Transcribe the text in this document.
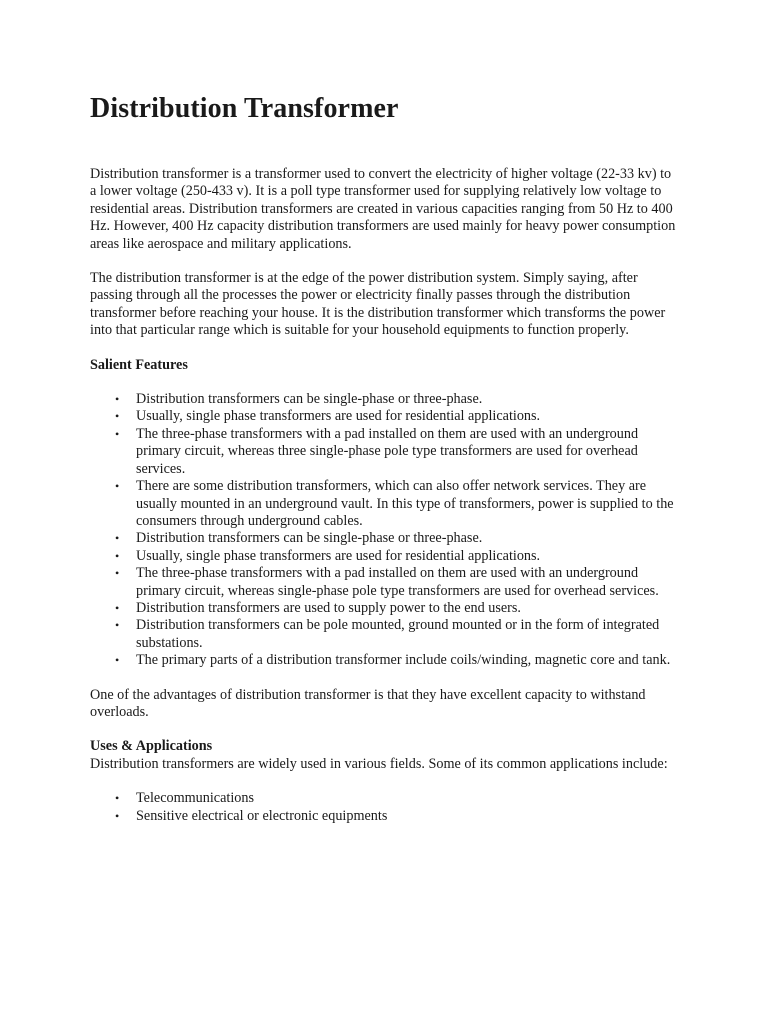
Distribution Transformer

Distribution transformer is a transformer used to convert the electricity of higher voltage (22-33 kv) to a lower voltage (250-433 v). It is a poll type transformer used for supplying relatively low voltage to residential areas. Distribution transformers are created in various capacities ranging from 50 Hz to 400 Hz. However, 400 Hz capacity distribution transformers are used mainly for heavy power consumption areas like aerospace and military applications.

The distribution transformer is at the edge of the power distribution system. Simply saying, after passing through all the processes the power or electricity finally passes through the distribution transformer before reaching your house. It is the distribution transformer which transforms the power into that particular range which is suitable for your household equipments to function properly.

Salient Features
• Distribution transformers can be single-phase or three-phase.
• Usually, single phase transformers are used for residential applications.
• The three-phase transformers with a pad installed on them are used with an underground primary circuit, whereas three single-phase pole type transformers are used for overhead services.
• There are some distribution transformers, which can also offer network services. They are usually mounted in an underground vault. In this type of transformers, power is supplied to the consumers through underground cables.
• Distribution transformers can be single-phase or three-phase.
• Usually, single phase transformers are used for residential applications.
• The three-phase transformers with a pad installed on them are used with an underground primary circuit, whereas single-phase pole type transformers are used for overhead services.
• Distribution transformers are used to supply power to the end users.
• Distribution transformers can be pole mounted, ground mounted or in the form of integrated substations.
• The primary parts of a distribution transformer include coils/winding, magnetic core and tank.

One of the advantages of distribution transformer is that they have excellent capacity to withstand overloads.

Uses & Applications

Distribution transformers are widely used in various fields. Some of its common applications include:

• Telecommunications
• Sensitive electrical or electronic equipments
